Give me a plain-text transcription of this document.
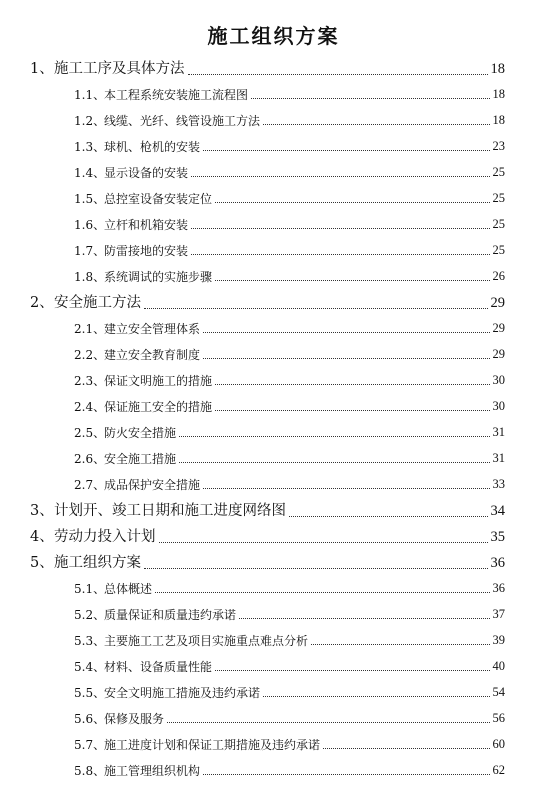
施工组织方案
1、 施工工序及具体方法	18
1.1、
本工程系统安装施工流程图	18
1.2、
线缆、光纤、线管设施工方法	18
1.3、
球机、枪机的安装	23
1.4、
显示设备的安装	25
1.5、
总控室设备安装定位	25
1.6、
立杆和机箱安装	25
1.7、
防雷接地的安装	25
1.8、
系统调试的实施步骤	26
2、 安全施工方法	29
2.1、
建立安全管理体系	29
2.2、
建立安全教育制度	29
2.3、
保证文明施工的措施	30
2.4、
保证施工安全的措施	30
2.5、
防火安全措施	31
2.6、
安全施工措施	31
2.7、
成品保护安全措施	33
3、 计划开、竣工日期和施工进度网络图	34
4、 劳动力投入计划	35
5、 施工组织方案	36
5.1、
总体概述	36
5.2、
质量保证和质量违约承诺	37
5.3、
主要施工工艺及项目实施重点难点分析	39
5.4、
材料、设备质量性能	40
5.5、
安全文明施工措施及违约承诺	54
5.6、
保修及服务	56
5.7、
施工进度计划和保证工期措施及违约承诺	60
5.8、
施工管理组织机构	62
